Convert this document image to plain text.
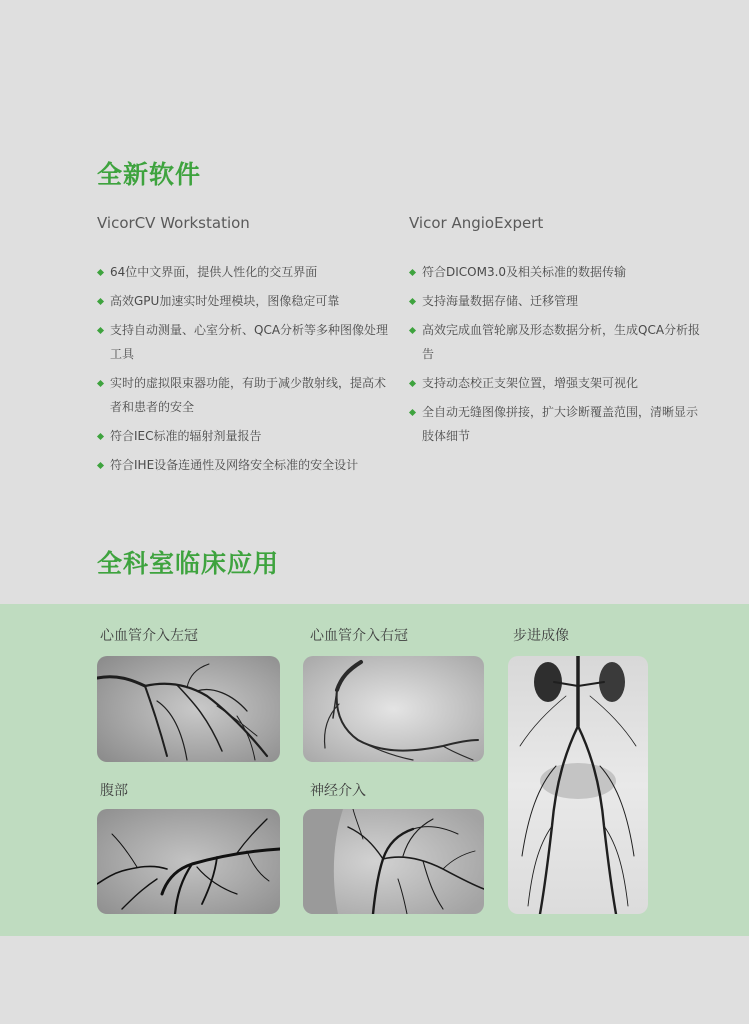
全新软件
VicorCV Workstation
64位中文界面，提供人性化的交互界面
高效GPU加速实时处理模块，图像稳定可靠
支持自动测量、心室分析、QCA分析等多种图像处理工具
实时的虚拟限束器功能，有助于减少散射线，提高术者和患者的安全
符合IEC标准的辐射剂量报告
符合IHE设备连通性及网络安全标准的安全设计
Vicor AngioExpert
符合DICOM3.0及相关标准的数据传输
支持海量数据存储、迁移管理
高效完成血管轮廓及形态数据分析，生成QCA分析报告
支持动态校正支架位置，增强支架可视化
全自动无缝图像拼接，扩大诊断覆盖范围，清晰显示肢体细节
全科室临床应用
心血管介入左冠	心血管介入右冠	步进成像
腹部	神经介入
